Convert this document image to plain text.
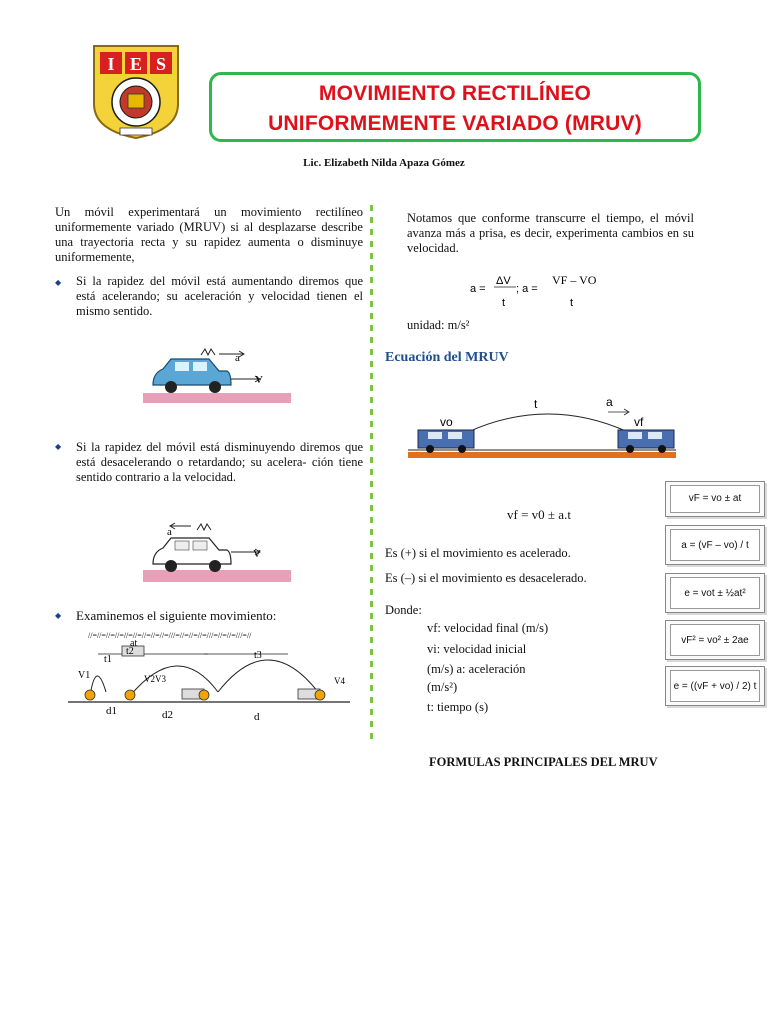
I E S
MOVIMIENTO RECTILÍNEO
UNIFORMEMENTE VARIADO (MRUV)
Lic. Elizabeth Nilda Apaza Gómez
Un móvil experimentará un movimiento rectilíneo uniformemente variado (MRUV) si al desplazarse describe una trayectoria recta y su rapidez aumenta o disminuye uniformemente,
◆ Si la rapidez del móvil está aumentando diremos que está acelerando; su aceleración y velocidad tienen el mismo sentido.
a
V
◆ Si la rapidez del móvil está disminuyendo diremos que está desacelerando o retardando; su acelera- ción tiene sentido contrario a la velocidad.
a
V
◆ Examinemos el siguiente movimiento:
//=//=//=//=//=//=//=//=//=///=//=//=//=///=//=//=///=//
V1
t1
at
t2
V2V3
t3
V4
d1	d2	d
Notamos que conforme transcurre el tiempo, el móvil avanza más a prisa, es decir, experimenta cambios en su velocidad.
a =
ΔV
t
; a =
VF – VO
t
unidad: m/s²
Ecuación del MRUV
vo
t	a
vf
vf = v0 ± a.t
Es (+) si el movimiento es acelerado.
Es (–) si el movimiento es desacelerado.
Donde:
vf: velocidad final (m/s)
vi: velocidad inicial
(m/s) a: aceleración
(m/s²)
t: tiempo (s)
vF = vo ± at
a = (vF – vo) / t
e = vot ± ½at²
vF² = vo² ± 2ae
e = ((vF + vo) / 2) t
FORMULAS PRINCIPALES DEL MRUV
